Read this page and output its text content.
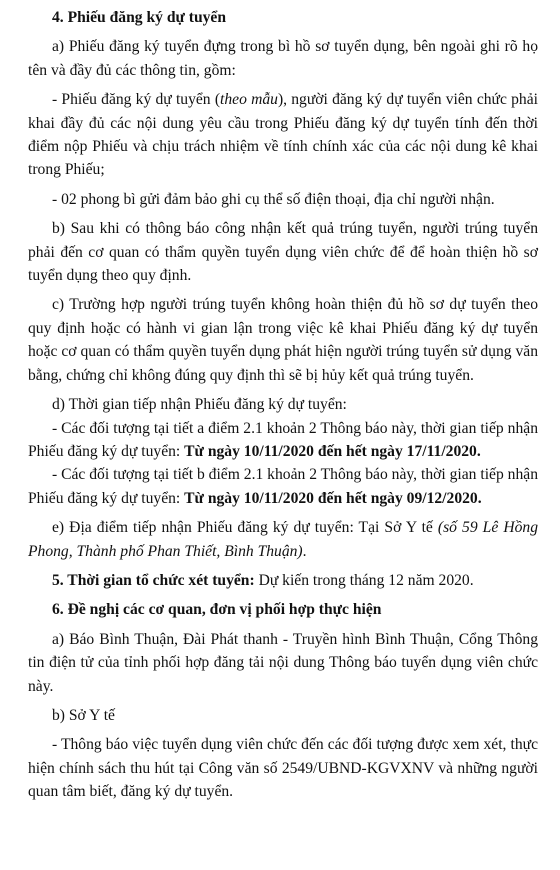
4. Phiếu đăng ký dự tuyển

a) Phiếu đăng ký tuyển đựng trong bì hồ sơ tuyển dụng, bên ngoài ghi rõ họ tên và đầy đủ các thông tin, gồm:

- Phiếu đăng ký dự tuyển (theo mẫu), người đăng ký dự tuyển viên chức phải khai đầy đủ các nội dung yêu cầu trong Phiếu đăng ký dự tuyển tính đến thời điểm nộp Phiếu và chịu trách nhiệm về tính chính xác của các nội dung kê khai trong Phiếu;

- 02 phong bì gửi đảm bảo ghi cụ thể số điện thoại, địa chỉ người nhận.

b) Sau khi có thông báo công nhận kết quả trúng tuyển, người trúng tuyển phải đến cơ quan có thẩm quyền tuyển dụng viên chức để để hoàn thiện hồ sơ tuyển dụng theo quy định.

c) Trường hợp người trúng tuyển không hoàn thiện đủ hồ sơ dự tuyển theo quy định hoặc có hành vi gian lận trong việc kê khai Phiếu đăng ký dự tuyển hoặc cơ quan có thẩm quyền tuyển dụng phát hiện người trúng tuyển sử dụng văn bằng, chứng chỉ không đúng quy định thì sẽ bị hủy kết quả trúng tuyển.

d) Thời gian tiếp nhận Phiếu đăng ký dự tuyển:

- Các đối tượng tại tiết a điểm 2.1 khoản 2 Thông báo này, thời gian tiếp nhận Phiếu đăng ký dự tuyển: Từ ngày 10/11/2020 đến hết ngày 17/11/2020.

- Các đối tượng tại tiết b điểm 2.1 khoản 2 Thông báo này, thời gian tiếp nhận Phiếu đăng ký dự tuyển: Từ ngày 10/11/2020 đến hết ngày 09/12/2020.

e) Địa điểm tiếp nhận Phiếu đăng ký dự tuyển: Tại Sở Y tế (số 59 Lê Hồng Phong, Thành phố Phan Thiết, Bình Thuận).

5. Thời gian tổ chức xét tuyển: Dự kiến trong tháng 12 năm 2020.

6. Đề nghị các cơ quan, đơn vị phối hợp thực hiện

a) Báo Bình Thuận, Đài Phát thanh - Truyền hình Bình Thuận, Cổng Thông tin điện tử của tỉnh phối hợp đăng tải nội dung Thông báo tuyển dụng viên chức này.

b) Sở Y tế

- Thông báo việc tuyển dụng viên chức đến các đối tượng được xem xét, thực hiện chính sách thu hút tại Công văn số 2549/UBND-KGVXNV và những người quan tâm biết, đăng ký dự tuyển.
